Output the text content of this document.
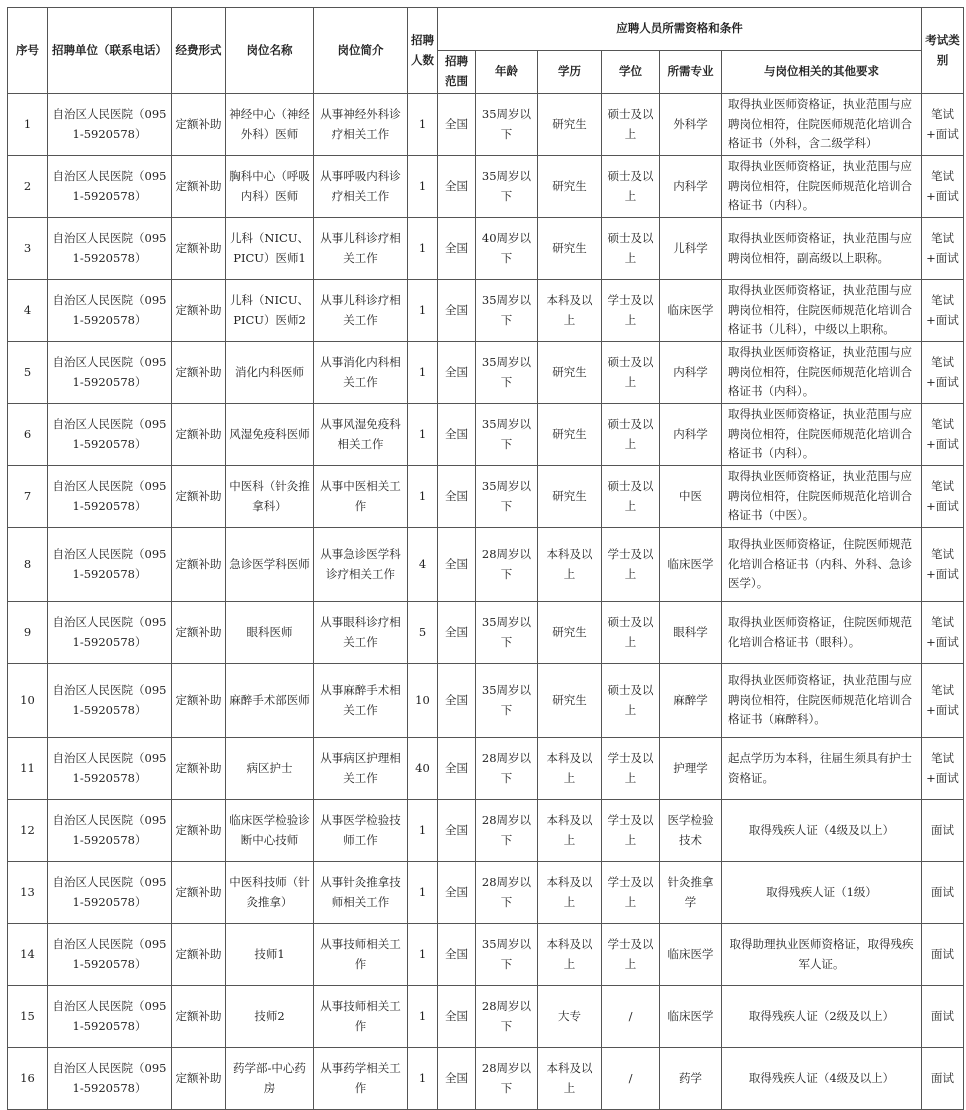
序号	招聘单位（联系电话）	经费形式	岗位名称	岗位简介	招聘人数	应聘人员所需资格和条件						考试类别
						招聘范围	年龄	学历	学位	所需专业	与岗位相关的其他要求	
1	自治区人民医院（0951-5920578）	定额补助	神经中心（神经外科）医师	从事神经外科诊疗相关工作	1	全国	35周岁以下	研究生	硕士及以上	外科学	取得执业医师资格证，执业范围与应聘岗位相符，住院医师规范化培训合格证书（外科，含二级学科）	笔试+面试
2	自治区人民医院（0951-5920578）	定额补助	胸科中心（呼吸内科）医师	从事呼吸内科诊疗相关工作	1	全国	35周岁以下	研究生	硕士及以上	内科学	取得执业医师资格证，执业范围与应聘岗位相符，住院医师规范化培训合格证书（内科）。	笔试+面试
3	自治区人民医院（0951-5920578）	定额补助	儿科（NICU、PICU）医师1	从事儿科诊疗相关工作	1	全国	40周岁以下	研究生	硕士及以上	儿科学	取得执业医师资格证，执业范围与应聘岗位相符，副高级以上职称。	笔试+面试
4	自治区人民医院（0951-5920578）	定额补助	儿科（NICU、PICU）医师2	从事儿科诊疗相关工作	1	全国	35周岁以下	本科及以上	学士及以上	临床医学	取得执业医师资格证，执业范围与应聘岗位相符，住院医师规范化培训合格证书（儿科），中级以上职称。	笔试+面试
5	自治区人民医院（0951-5920578）	定额补助	消化内科医师	从事消化内科相关工作	1	全国	35周岁以下	研究生	硕士及以上	内科学	取得执业医师资格证，执业范围与应聘岗位相符，住院医师规范化培训合格证书（内科）。	笔试+面试
6	自治区人民医院（0951-5920578）	定额补助	风湿免疫科医师	从事风湿免疫科相关工作	1	全国	35周岁以下	研究生	硕士及以上	内科学	取得执业医师资格证，执业范围与应聘岗位相符，住院医师规范化培训合格证书（内科）。	笔试+面试
7	自治区人民医院（0951-5920578）	定额补助	中医科（针灸推拿科）	从事中医相关工作	1	全国	35周岁以下	研究生	硕士及以上	中医	取得执业医师资格证，执业范围与应聘岗位相符，住院医师规范化培训合格证书（中医）。	笔试+面试
8	自治区人民医院（0951-5920578）	定额补助	急诊医学科医师	从事急诊医学科诊疗相关工作	4	全国	28周岁以下	本科及以上	学士及以上	临床医学	取得执业医师资格证，住院医师规范化培训合格证书（内科、外科、急诊医学）。	笔试+面试
9	自治区人民医院（0951-5920578）	定额补助	眼科医师	从事眼科诊疗相关工作	5	全国	35周岁以下	研究生	硕士及以上	眼科学	取得执业医师资格证，住院医师规范化培训合格证书（眼科）。	笔试+面试
10	自治区人民医院（0951-5920578）	定额补助	麻醉手术部医师	从事麻醉手术相关工作	10	全国	35周岁以下	研究生	硕士及以上	麻醉学	取得执业医师资格证，执业范围与应聘岗位相符，住院医师规范化培训合格证书（麻醉科）。	笔试+面试
11	自治区人民医院（0951-5920578）	定额补助	病区护士	从事病区护理相关工作	40	全国	28周岁以下	本科及以上	学士及以上	护理学	起点学历为本科，往届生须具有护士资格证。	笔试+面试
12	自治区人民医院（0951-5920578）	定额补助	临床医学检验诊断中心技师	从事医学检验技师工作	1	全国	28周岁以下	本科及以上	学士及以上	医学检验技术	取得残疾人证（4级及以上）	面试
13	自治区人民医院（0951-5920578）	定额补助	中医科技师（针灸推拿）	从事针灸推拿技师相关工作	1	全国	28周岁以下	本科及以上	学士及以上	针灸推拿学	取得残疾人证（1级）	面试
14	自治区人民医院（0951-5920578）	定额补助	技师1	从事技师相关工作	1	全国	35周岁以下	本科及以上	学士及以上	临床医学	取得助理执业医师资格证，取得残疾军人证。	面试
15	自治区人民医院（0951-5920578）	定额补助	技师2	从事技师相关工作	1	全国	28周岁以下	大专	/	临床医学	取得残疾人证（2级及以上）	面试
16	自治区人民医院（0951-5920578）	定额补助	药学部-中心药房	从事药学相关工作	1	全国	28周岁以下	本科及以上	/	药学	取得残疾人证（4级及以上）	面试
